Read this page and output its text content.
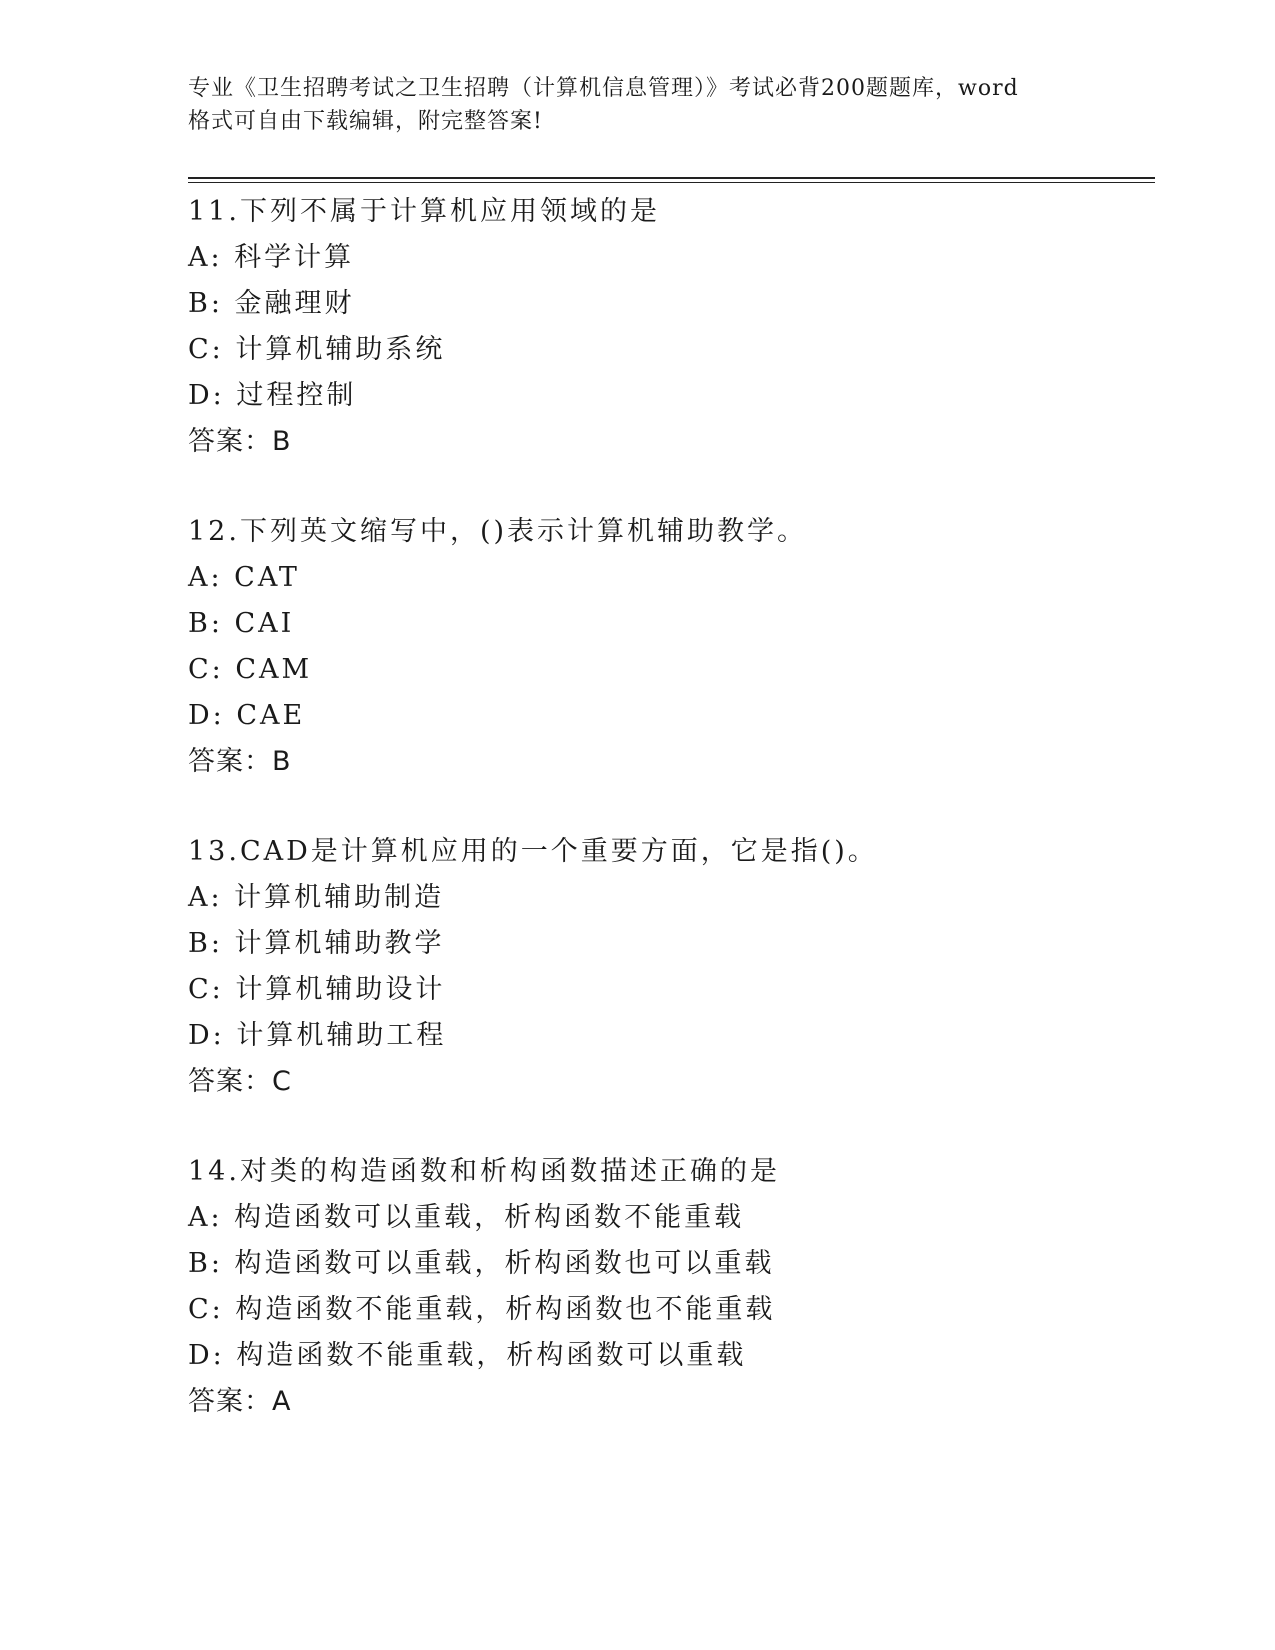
专业《卫生招聘考试之卫生招聘（计算机信息管理）》考试必背200题题库，word
格式可自由下载编辑，附完整答案!
11.下列不属于计算机应用领域的是
A: 科学计算
B: 金融理财
C: 计算机辅助系统
D: 过程控制
答案：B
12.下列英文缩写中，()表示计算机辅助教学。
A: CAT
B: CAI
C: CAM
D: CAE
答案：B
13.CAD是计算机应用的一个重要方面，它是指()。
A: 计算机辅助制造
B: 计算机辅助教学
C: 计算机辅助设计
D: 计算机辅助工程
答案：C
14.对类的构造函数和析构函数描述正确的是
A: 构造函数可以重载，析构函数不能重载
B: 构造函数可以重载，析构函数也可以重载
C: 构造函数不能重载，析构函数也不能重载
D: 构造函数不能重载，析构函数可以重载
答案：A
